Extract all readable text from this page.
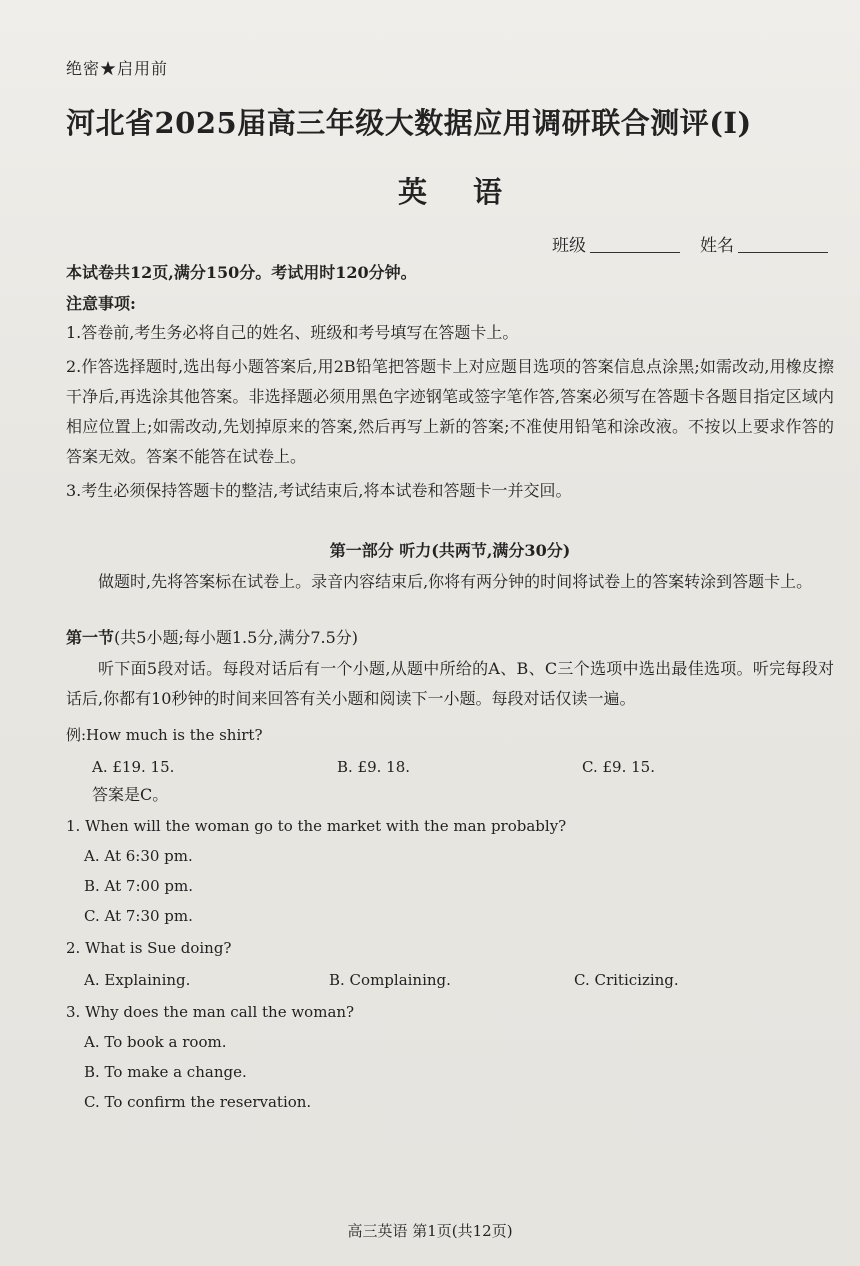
绝密★启用前
河北省2025届高三年级大数据应用调研联合测评(Ⅰ)
英 语
班级	姓名
本试卷共12页,满分150分。考试用时120分钟。
注意事项:
1.答卷前,考生务必将自己的姓名、班级和考号填写在答题卡上。
2.作答选择题时,选出每小题答案后,用2B铅笔把答题卡上对应题目选项的答案信息点涂黑;如需改动,用橡皮擦干净后,再选涂其他答案。非选择题必须用黑色字迹钢笔或签字笔作答,答案必须写在答题卡各题目指定区域内相应位置上;如需改动,先划掉原来的答案,然后再写上新的答案;不准使用铅笔和涂改液。不按以上要求作答的答案无效。答案不能答在试卷上。
3.考生必须保持答题卡的整洁,考试结束后,将本试卷和答题卡一并交回。
第一部分 听力(共两节,满分30分)
做题时,先将答案标在试卷上。录音内容结束后,你将有两分钟的时间将试卷上的答案转涂到答题卡上。
第一节(共5小题;每小题1.5分,满分7.5分)
听下面5段对话。每段对话后有一个小题,从题中所给的A、B、C三个选项中选出最佳选项。听完每段对话后,你都有10秒钟的时间来回答有关小题和阅读下一小题。每段对话仅读一遍。
例:How much is the shirt?
A. £19. 15.	B. £9. 18.	C. £9. 15.
答案是C。
1. When will the woman go to the market with the man probably?
A. At 6:30 pm.
B. At 7:00 pm.
C. At 7:30 pm.
2. What is Sue doing?
A. Explaining.	B. Complaining.	C. Criticizing.
3. Why does the man call the woman?
A. To book a room.
B. To make a change.
C. To confirm the reservation.
高三英语 第1页(共12页)
